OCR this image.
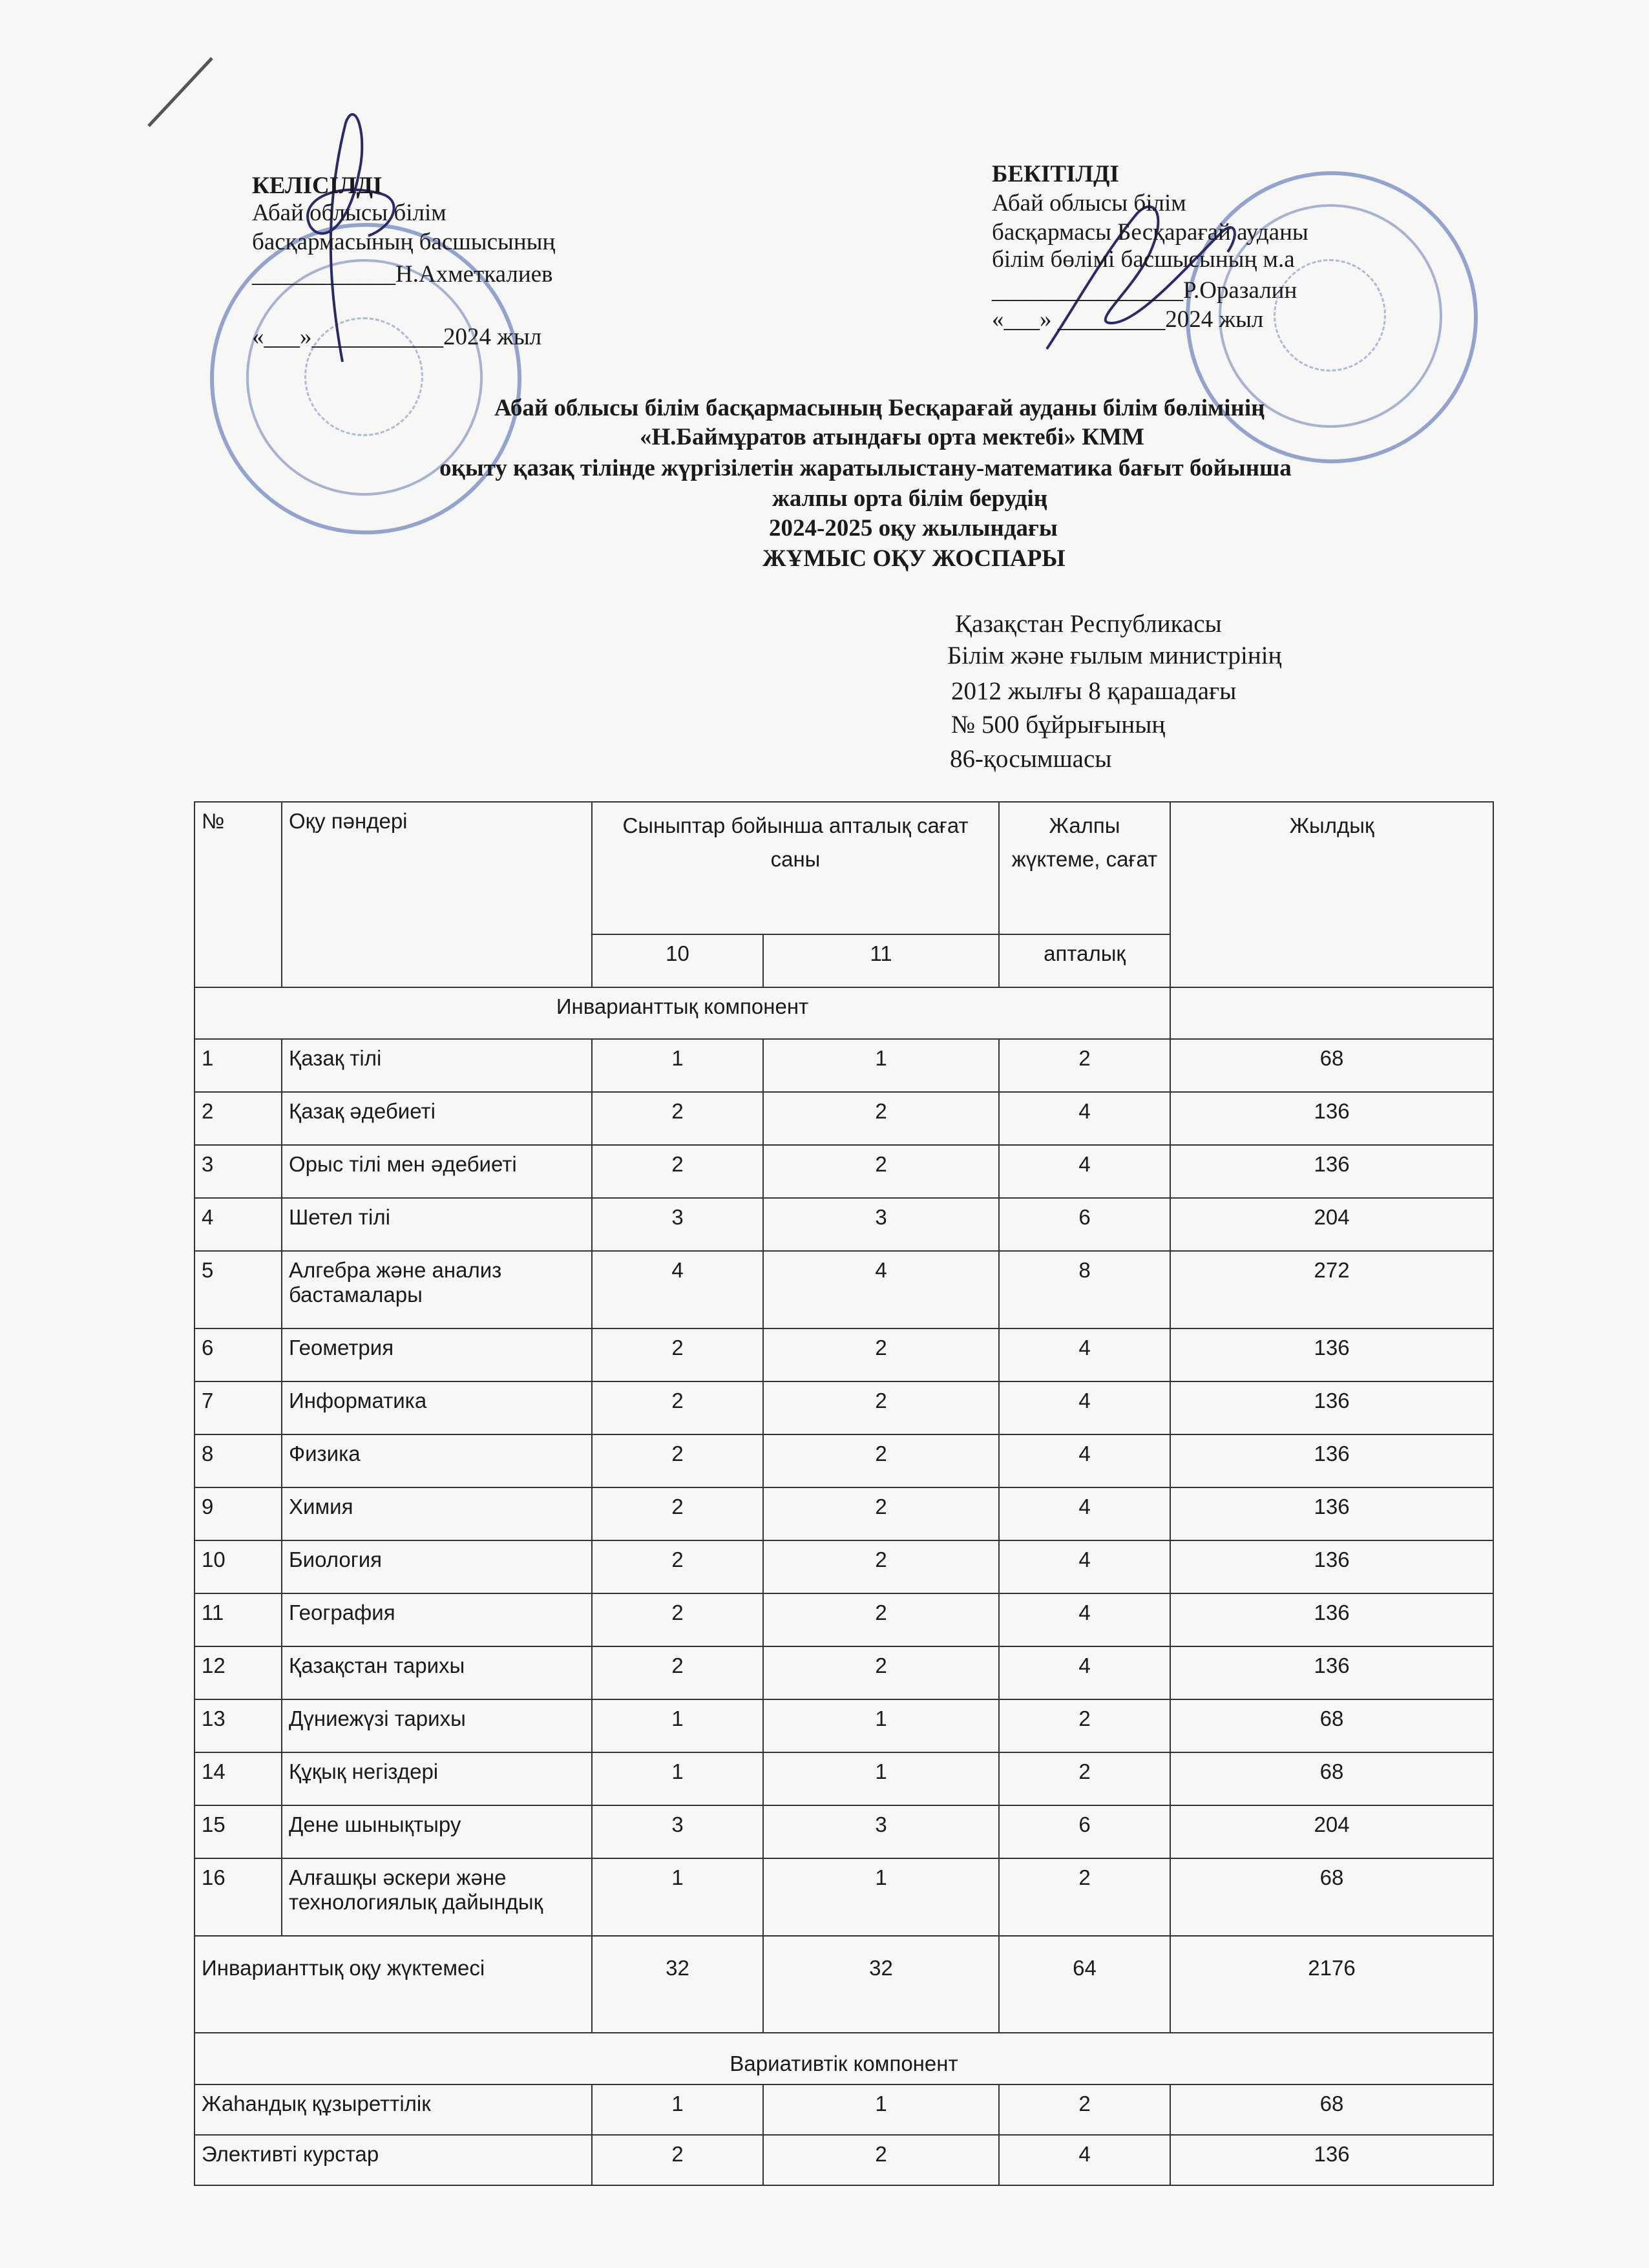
КЕЛІСІЛДІ
Абай облысы білім
басқармасының басшысының
____________Н.Ахметкалиев
«___»___________2024 жыл
БЕКІТІЛДІ
Абай облысы білім
басқармасы Бесқарағай ауданы
білім бөлімі басшысының м.а
________________Р.Оразалин
«___» _________2024 жыл
Абай облысы білім басқармасының Бесқарағай ауданы білім бөлімінің
«Н.Баймұратов атындағы орта мектебі» КММ
оқыту қазақ тілінде жүргізілетін жаратылыстану-математика бағыт бойынша
жалпы орта білім берудің
2024-2025 оқу жылындағы
ЖҰМЫС ОҚУ ЖОСПАРЫ
Қазақстан Республикасы
Білім және ғылым министрінің
2012 жылғы 8 қарашадағы
№ 500 бұйрығының
86-қосымшасы
№	Оқу пәндері	Сыныптар бойынша апталық сағат саны		Жалпы жүктеме, сағат	Жылдық
		10	11	апталық	
Инварианттық компонент					
1	Қазақ тілі	1	1	2	68
2	Қазақ әдебиеті	2	2	4	136
3	Орыс тілі мен әдебиеті	2	2	4	136
4	Шетел тілі	3	3	6	204
5	Алгебра және анализ бастамалары	4	4	8	272
6	Геометрия	2	2	4	136
7	Информатика	2	2	4	136
8	Физика	2	2	4	136
9	Химия	2	2	4	136
10	Биология	2	2	4	136
11	География	2	2	4	136
12	Қазақстан тарихы	2	2	4	136
13	Дүниежүзі тарихы	1	1	2	68
14	Құқық негіздері	1	1	2	68
15	Дене шынықтыру	3	3	6	204
16	Алғашқы әскери және технологиялық дайындық	1	1	2	68
Инварианттық оқу жүктемесі		32	32	64	2176
Вариативтік компонент					
Жаһандық құзыреттілік		1	1	2	68
Элективті курстар		2	2	4	136
